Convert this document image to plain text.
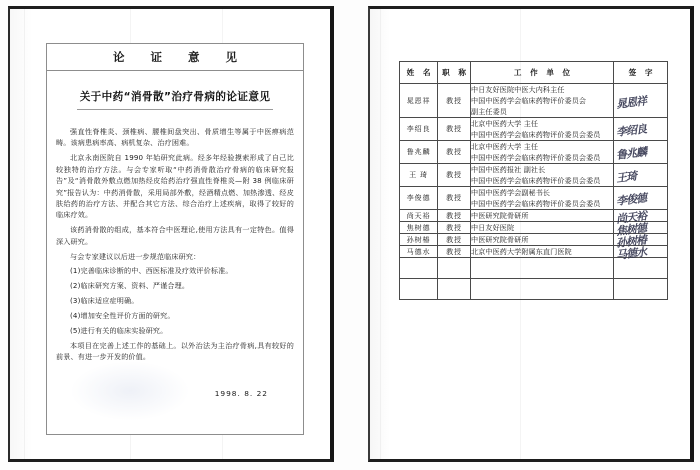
论 证 意 见
关于中药“消骨散”治疗骨病的论证意见

强直性脊椎炎、颈椎病、腰椎间盘突出、骨质增生等属于中医痹病范畴。该病患病率高、病机复杂、治疗困难。

北京永南医院自 1990 年始研究此病。经多年经验摸索形成了自己比较独特的治疗方法。与会专家听取“中药消骨散治疗骨病的临床研究报告”及“消骨散外敷点燃加热经皮给药治疗强直性脊椎炎—附 38 例临床研究”报告认为：中药消骨散，采用局部外敷，经酒精点燃、加热渗透、经皮肤给药的治疗方法、并配合其它方法、综合治疗上述疾病，取得了较好的临床疗效。

该药消骨散的组成，基本符合中医理论,使用方法具有一定特色。值得深入研究。

与会专家建议以后进一步规范临床研究：

(1)完善临床诊断的中、西医标准及疗效评价标准。

(2)临床研究方案、资料、严谨合理。

(3)临床适应症明确。

(4)增加安全性评价方面的研究。

(5)进行有关的临床实验研究。

本项目在完善上述工作的基础上。以外治法为主治疗骨病,具有较好的前景、有进一步开发的价值。

1998. 8. 22
姓 名	职 称	工 作 单 位	签 字
晁恩祥	教授	中日友好医院中医大内科主任
中国中医药学会临床药物评价委员会
副主任委员	晁恩祥

李绍良	教授	北京中医药大学 主任
中国中医药学会临床药物评价委员会委员	李绍良

鲁兆麟	教授	北京中医药大学 主任
中国中医药学会临床药物评价委员会委员	鲁兆麟

王 琦	教授	中国中医药报社 副社长
中国中医药学会临床药物评价委员会委员	王琦

李俊德	教授	中国中医药学会副秘书长
中国中医药学会临床药物评价委员会委员	李俊德

尚天裕	教授	中医研究院骨研所	尚天裕

焦树德	教授	中日友好医院	焦树德

孙树椿	教授	中医研究院骨研所	孙树椿

马德水	教授	北京中医药大学附属东直门医院	马德水
